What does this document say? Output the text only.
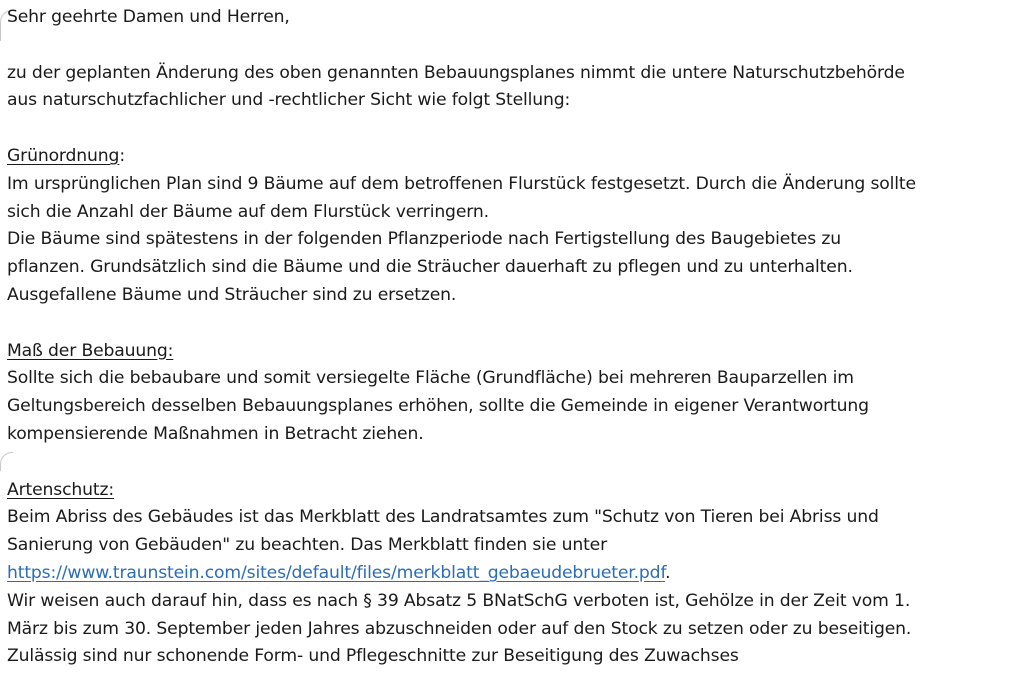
Sehr geehrte Damen und Herren,
zu der geplanten Änderung des oben genannten Bebauungsplanes nimmt die untere Naturschutzbehörde
aus naturschutzfachlicher und -rechtlicher Sicht wie folgt Stellung:
Grünordnung:
Im ursprünglichen Plan sind 9 Bäume auf dem betroffenen Flurstück festgesetzt. Durch die Änderung sollte
sich die Anzahl der Bäume auf dem Flurstück verringern.
Die Bäume sind spätestens in der folgenden Pflanzperiode nach Fertigstellung des Baugebietes zu
pflanzen. Grundsätzlich sind die Bäume und die Sträucher dauerhaft zu pflegen und zu unterhalten.
Ausgefallene Bäume und Sträucher sind zu ersetzen.
Maß der Bebauung:
Sollte sich die bebaubare und somit versiegelte Fläche (Grundfläche) bei mehreren Bauparzellen im
Geltungsbereich desselben Bebauungsplanes erhöhen, sollte die Gemeinde in eigener Verantwortung
kompensierende Maßnahmen in Betracht ziehen.
Artenschutz:
Beim Abriss des Gebäudes ist das Merkblatt des Landratsamtes zum "Schutz von Tieren bei Abriss und
Sanierung von Gebäuden" zu beachten. Das Merkblatt finden sie unter
https://www.traunstein.com/sites/default/files/merkblatt_gebaeudebrueter.pdf.
Wir weisen auch darauf hin, dass es nach § 39 Absatz 5 BNatSchG verboten ist, Gehölze in der Zeit vom 1.
März bis zum 30. September jeden Jahres abzuschneiden oder auf den Stock zu setzen oder zu beseitigen.
Zulässig sind nur schonende Form- und Pflegeschnitte zur Beseitigung des Zuwachses
